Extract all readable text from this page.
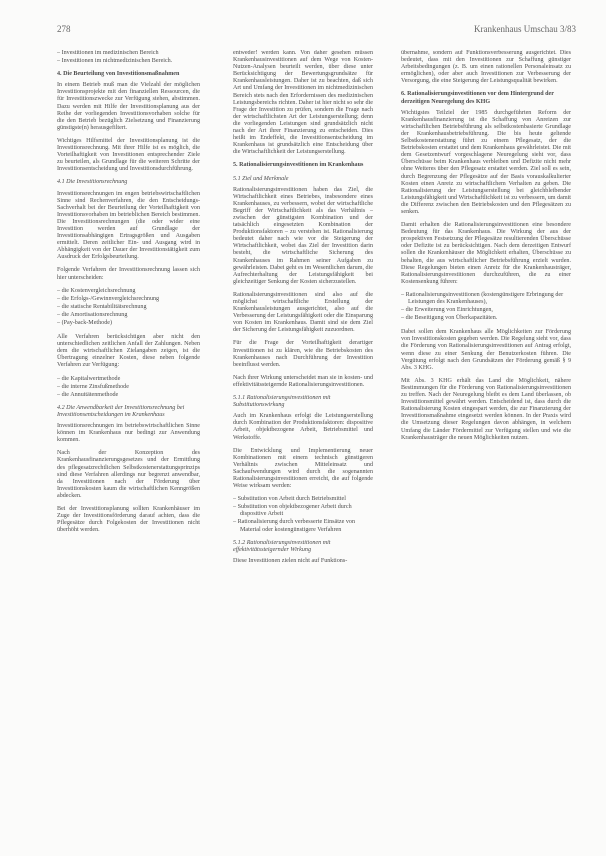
278	Krankenhaus Umschau 3/83
– Investitionen im medizinischen Bereich
– Investitionen im nichtmedizinischen Bereich.
4. Die Beurteilung von Investitionsmaßnahmen
In einem Betrieb muß man die Vielzahl der möglichen Investitionsprojekte mit den finanziellen Ressourcen, die für Investitionszwecke zur Verfügung stehen, abstimmen. Dazu werden mit Hilfe der Investitionsplanung aus der Reihe der vorliegenden Investitionsvorhaben solche für die den Betrieb bezüglich Zielsetzung und Finanzierung günstigste(n) herausgefiltert.
Wichtiges Hilfsmittel der Investitionsplanung ist die Investitionsrechnung. Mit ihrer Hilfe ist es möglich, die Vorteilhaftigkeit von Investitionen entsprechender Ziele zu beurteilen, als Grundlage für die weiteren Schritte der Investitionsentscheidung und Investitionsdurchführung.
4.1 Die Investitionsrechnung
Investitionsrechnungen im engen betriebswirtschaftlichen Sinne sind Rechenverfahren, die den Entscheidungs-Sachverhalt bei der Beurteilung der Vorteilhaftigkeit von Investitionsvorhaben im betrieblichen Bereich bestimmen. Die Investitionsrechnungen (die oder wider eine Investition werden auf Grundlage der Investitionsabhängigen Ertragsgrößen und Ausgaben ermittelt. Deren zeitlicher Ein- und Ausgang wird in Abhängigkeit von der Dauer der Investitionstätigkeit zum Ausdruck der Erfolgsbeurteilung.
Folgende Verfahren der Investitionsrechnung lassen sich hier unterscheiden:
– die Kostenvergleichsrechnung
– die Erfolgs-/Gewinnvergleichsrechnung
– die statische Rentabilitätsrechnung
– die Amortisationsrechnung
– (Pay-back-Methode)
Alle Verfahren berücksichtigen aber nicht den unterschiedlichen zeitlichen Anfall der Zahlungen. Neben dem die wirtschaftlichen Zielangaben zeigen, ist die Übertragung einzelner Kosten, diese neben folgende Verfahren zur Verfügung:
– die Kapitalwertmethode
– die interne Zinsfußmethode
– die Annuitätenmethode
4.2 Die Anwendbarkeit der Investitionsrechnung bei Investitionsentscheidungen im Krankenhaus
Investitionsrechnungen im betriebswirtschaftlichen Sinne können im Krankenhaus nur bedingt zur Anwendung kommen.
Nach der Konzeption des Krankenhausfinanzierungsgesetzes und der Ermittlung des pflegesatzrechtlichen Selbstkostenerstattungsprinzips sind diese Verfahren allerdings nur begrenzt anwendbar, da Investitionen nach der Förderung über Investitionskosten kaum die wirtschaftlichen Kenngrößen abdecken.
Bei der Investitionsplanung sollten Krankenhäuser im Zuge der Investitionsförderung darauf achten, dass die Pflegesätze durch Folgekosten der Investitionen nicht überhöht werden.
entweder! werden kann. Von daher gesehen müssen Krankenhausinvestitionen auf dem Wege von Kosten-Nutzen-Analysen beurteilt werden, über diese unter Berücksichtigung der Bewertungsgrundsätze für Krankenhausleistungen. Daher ist zu beachten, daß sich Art und Umfang der Investitionen im nichtmedizinischen Bereich stets nach den Erfordernissen des medizinischen Leistungsbereichs richten. Daher ist hier nicht so sehr die Frage der Investition zu prüfen, sondern die Frage nach der wirtschaftlichsten Art der Leistungserstellung; denn die vorliegenden Leistungen sind grundsätzlich nicht nach der Art ihrer Finanzierung zu entscheiden. Dies heißt im Endeffekt, die Investitionsentscheidung im Krankenhaus ist grundsätzlich eine Entscheidung über die Wirtschaftlichkeit der Leistungserstellung.
5. Rationalisierungsinvestitionen im Krankenhaus
5.1 Ziel und Merkmale
Rationalisierungsinvestitionen haben das Ziel, die Wirtschaftlichkeit eines Betriebes, insbesondere eines Krankenhauses, zu verbessern, wobei der wirtschaftliche Begriff der Wirtschaftlichkeit als das Verhältnis – zwischen der günstigsten Kombination und der tatsächlich eingesetzten Kombination der Produktionsfaktoren – zu verstehen ist. Rationalisierung bedeutet daher nach wie vor die Steigerung der Wirtschaftlichkeit, wobei das Ziel der Investition darin besteht, die wirtschaftliche Sicherung des Krankenhauses im Rahmen seiner Aufgaben zu gewährleisten. Dabei geht es im Wesentlichen darum, die Aufrechterhaltung der Leistungsfähigkeit bei gleichzeitiger Senkung der Kosten sicherzustellen.
Rationalisierungsinvestitionen sind also auf die möglichst wirtschaftliche Erstellung der Krankenhausleistungen ausgerichtet, also auf die Verbesserung der Leistungsfähigkeit oder die Einsparung von Kosten im Krankenhaus. Damit sind sie dem Ziel der Sicherung der Leistungsfähigkeit zuzuordnen.
Für die Frage der Vorteilhaftigkeit derartiger Investitionen ist zu klären, wie die Betriebskosten des Krankenhauses nach Durchführung der Investition beeinflusst werden.
Nach ihrer Wirkung unterscheidet man sie in kosten- und effektivitätssteigernde Rationalisierungsinvestitionen.
5.1.1 Rationalisierungsinvestitionen mit Substitutionswirkung
Auch im Krankenhaus erfolgt die Leistungserstellung durch Kombination der Produktionsfaktoren: dispositive Arbeit, objektbezogene Arbeit, Betriebsmittel und Werkstoffe.
Die Entwicklung und Implementierung neuer Kombinationen mit einem technisch günstigeren Verhältnis zwischen Mitteleinsatz und Sachaufwendungen wird durch die sogenannten Rationalisierungsinvestitionen erreicht, die auf folgende Weise wirksam werden:
– Substitution von Arbeit durch Betriebsmittel
– Substitution von objektbezogener Arbeit durch dispositive Arbeit
– Rationalisierung durch verbesserte Einsätze von Material oder kostengünstigere Verfahren
5.1.2 Rationalisierungsinvestitionen mit effektivitätssteigernder Wirkung
Diese Investitionen zielen nicht auf Funktions-
übernahme, sondern auf Funktionsverbesserung ausgerichtet. Dies bedeutet, dass mit den Investitionen zur Schaffung günstiger Arbeitsbedingungen (z. B. um einen rationellen Personaleinsatz zu ermöglichen), oder aber auch Investitionen zur Verbesserung der Versorgung, die eine Steigerung der Leistungsqualität bewirken.
6. Rationalisierungsinvestitionen vor dem Hintergrund der derzeitigen Neuregelung des KHG
Wichtigstes Teilziel der 1985 durchgeführten Reform der Krankenhausfinanzierung ist die Schaffung von Anreizen zur wirtschaftlichen Betriebsführung als selbstkostenbasierte Grundlage der Krankenhausbetriebsführung. Die bis heute geltende Selbstkostenerstattung führt zu einem Pflegesatz, der die Betriebskosten erstattet und dem Krankenhaus gewährleistet. Die mit dem Gesetzentwurf vorgeschlagene Neuregelung sieht vor, dass Überschüsse beim Krankenhaus verbleiben und Defizite nicht mehr ohne Weiteres über den Pflegesatz erstattet werden. Ziel soll es sein, durch Begrenzung der Pflegesätze auf der Basis vorauskalkulierter Kosten einen Anreiz zu wirtschaftlichem Verhalten zu geben. Die Rationalisierung der Leistungserstellung bei gleichbleibender Leistungsfähigkeit und Wirtschaftlichkeit ist zu verbessern, um damit die Differenz zwischen den Betriebskosten und den Pflegesätzen zu senken.
Damit erhalten die Rationalisierungsinvestitionen eine besondere Bedeutung für das Krankenhaus. Die Wirkung der aus der prospektiven Festsetzung der Pflegesätze resultierenden Überschüsse oder Defizite ist zu berücksichtigen. Nach dem derzeitigen Entwurf sollen die Krankenhäuser die Möglichkeit erhalten, Überschüsse zu behalten, die aus wirtschaftlicher Betriebsführung erzielt wurden. Diese Regelungen bieten einen Anreiz für die Krankenhausträger, Rationalisierungsinvestitionen durchzuführen, die zu einer Kostensenkung führen:
– Rationalisierungsinvestitionen (kostengünstigere Erbringung der Leistungen des Krankenhauses),
– die Erweiterung von Einrichtungen,
– die Beseitigung von Überkapazitäten.
Dabei sollen dem Krankenhaus alle Möglichkeiten zur Förderung von Investitionskosten gegeben werden. Die Regelung sieht vor, dass die Förderung von Rationalisierungsinvestitionen auf Antrag erfolgt, wenn diese zu einer Senkung der Benutzerkosten führen. Die Vergütung erfolgt nach den Grundsätzen der Förderung gemäß § 9 Abs. 3 KHG.
Mit Abs. 3 KHG erhält das Land die Möglichkeit, nähere Bestimmungen für die Förderung von Rationalisierungsinvestitionen zu treffen. Nach der Neuregelung bleibt es dem Land überlassen, ob Investitionsmittel gewährt werden. Entscheidend ist, dass durch die Rationalisierung Kosten eingespart werden, die zur Finanzierung der Investitionsmaßnahme eingesetzt werden können. In der Praxis wird die Umsetzung dieser Regelungen davon abhängen, in welchem Umfang die Länder Fördermittel zur Verfügung stellen und wie die Krankenhausträger die neuen Möglichkeiten nutzen.
